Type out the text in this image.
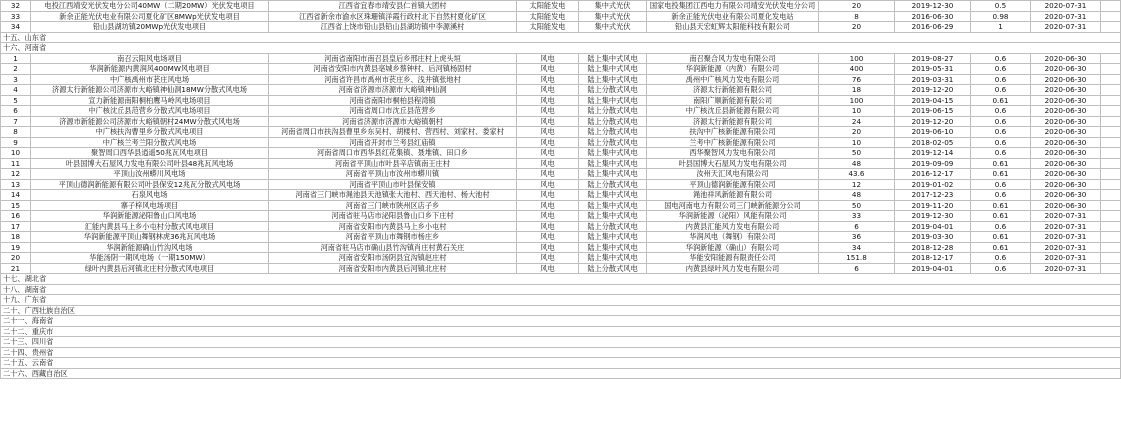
32	电投江西靖安光伏发电分公司40MW（二期20MW）光伏发电项目	江西省宜春市靖安县仁首镇大团村	太阳能发电	集中式光伏	国家电投集团江西电力有限公司靖安光伏发电分公司	20	2019-12-30	0.5	2020-07-31	
33	新余正能光伏电业有限公司夏化矿区8MWp光伏发电项目	江西省新余市渝水区珠珊镇洋霞行政村北下自然村夏化矿区	太阳能发电	集中式光伏	新余正能光伏电业有限公司夏化发电站	8	2016-06-30	0.98	2020-07-31	
34	铅山县湖坊镇20MWp光伏发电项目	江西省上饶市铅山县铅山县湖坊镇中李源溪村	太阳能发电	集中式光伏	铅山县天宏虹辉太阳能科技有限公司	20	2016-06-29	1	2020-07-31	
十五、山东省										
十六、河南省										
1	南召云阳风电场项目	河南省南阳市南召县皇后乡邢庄村上虎头垣	风电	陆上集中式风电	南召聚合风力发电有限公司	100	2019-08-27	0.6	2020-06-30	
2	华润新能源内黄润风400MW风电项目	河南省安阳市内黄县亳城乡蔡钟村、后河镇杨固村	风电	陆上集中式风电	华润新能源（内黄）有限公司	400	2019-05-31	0.6	2020-06-30	
3	中广核禹州市苌庄风电场	河南省许昌市禹州市苌庄乡、浅井镇张地村	风电	陆上集中式风电	禹州中广核风力发电有限公司	76	2019-03-31	0.6	2020-06-30	
4	济源太行新能源公司济源市大峪镇神仙洞18MW分散式风电场	河南省济源市济源市大峪镇神仙洞	风电	陆上分散式风电	济源太行新能源有限公司	18	2019-12-20	0.6	2020-06-30	
5	宣力新能源南阳桐柏鹰马岭风电场项目	河南省南阳市桐柏县程湾镇	风电	陆上集中式风电	南阳广顺新能源有限公司	100	2019-04-15	0.61	2020-06-30	
6	中广核沈丘县范营乡分散式风电场项目	河南省周口市沈丘县范营乡	风电	陆上分散式风电	中广核沈丘县新能源有限公司	10	2019-06-15	0.6	2020-06-30	
7	济源市新能源公司济源市大峪镇朝村24MW分散式风电场	河南省济源市济源市大峪镇朝村	风电	陆上分散式风电	济源太行新能源有限公司	24	2019-12-20	0.6	2020-06-30	
8	中广核扶沟曹里乡分散式风电项目	河南省周口市扶沟县曹里乡东吴村、胡楼村、营西村、刘家村、娄家村	风电	陆上分散式风电	扶沟中广核新能源有限公司	20	2019-06-10	0.6	2020-06-30	
9	中广核兰考兰阳分散式风电场	河南省开封市兰考县红庙镇	风电	陆上分散式风电	兰考中广核新能源有限公司	10	2018-02-05	0.6	2020-06-30	
10	聚智周口西华县逍遥50兆瓦风电项目	河南省周口市西华县红花集镇、聂堆镇、田口乡	风电	陆上集中式风电	西华聚智风力发电有限公司	50	2019-12-14	0.6	2020-06-30	
11	叶县国博大石屋风力发电有限公司叶县48兆瓦风电场	河南省平顶山市叶县辛店镇南王庄村	风电	陆上集中式风电	叶县国博大石屋风力发电有限公司	48	2019-09-09	0.61	2020-06-30	
12	平顶山汝州蟒川风电场	河南省平顶山市汝州市蟒川镇	风电	陆上集中式风电	汝州天汇风电有限公司	43.6	2016-12-17	0.61	2020-06-30	
13	平顶山德润新能源有限公司叶县保安12兆瓦分散式风电场	河南省平顶山市叶县保安镇	风电	陆上分散式风电	平顶山德润新能源有限公司	12	2019-01-02	0.6	2020-06-30	
14	石泉风电场	河南省三门峡市渑池县天池镇张大池村、西天池村、杨大池村	风电	陆上集中式风电	渑池祥风新能源有限公司	48	2017-12-23	0.6	2020-06-30	
15	寨子梓风电场项目	河南省三门峡市陕州区店子乡	风电	陆上集中式风电	国电河南电力有限公司三门峡新能源分公司	50	2019-11-20	0.61	2020-06-30	
16	华润新能源泌阳鲁山口风电场	河南省驻马店市泌阳县鲁山口乡下庄村	风电	陆上集中式风电	华润新能源（泌阳）风能有限公司	33	2019-12-30	0.61	2020-07-31	
17	汇能内黄县马上乡小屯村分散式风电项目	河南省安阳市内黄县马上乡小屯村	风电	陆上分散式风电	内黄县汇能风力发电有限公司	6	2019-04-01	0.6	2020-07-31	
18	华润新能源平顶山舞钢林虎36兆瓦风电场	河南省平顶山市舞钢市杨庄乡	风电	陆上集中式风电	华润风电（舞钢）有限公司	36	2019-03-30	0.61	2020-07-31	
19	华润新能源确山竹沟风电场	河南省驻马店市确山县竹沟镇肖庄村黄石关庄	风电	陆上集中式风电	华润新能源（确山）有限公司	34	2018-12-28	0.61	2020-07-31	
20	华能汤阴一期风电场（一期150MW）	河南省安阳市汤阴县宜沟镇赵庄村	风电	陆上集中式风电	华能安阳能源有限责任公司	151.8	2018-12-17	0.6	2020-07-31	
21	绿叶内黄县后河镇北庄村分散式风电项目	河南省安阳市内黄县后河镇北庄村	风电	陆上分散式风电	内黄县绿叶风力发电有限公司	6	2019-04-01	0.6	2020-07-31	
十七、湖北省										
十八、湖南省										
十九、广东省										
二十、广西壮族自治区										
二十一、海南省										
二十二、重庆市										
二十三、四川省										
二十四、贵州省										
二十五、云南省										
二十六、西藏自治区										
